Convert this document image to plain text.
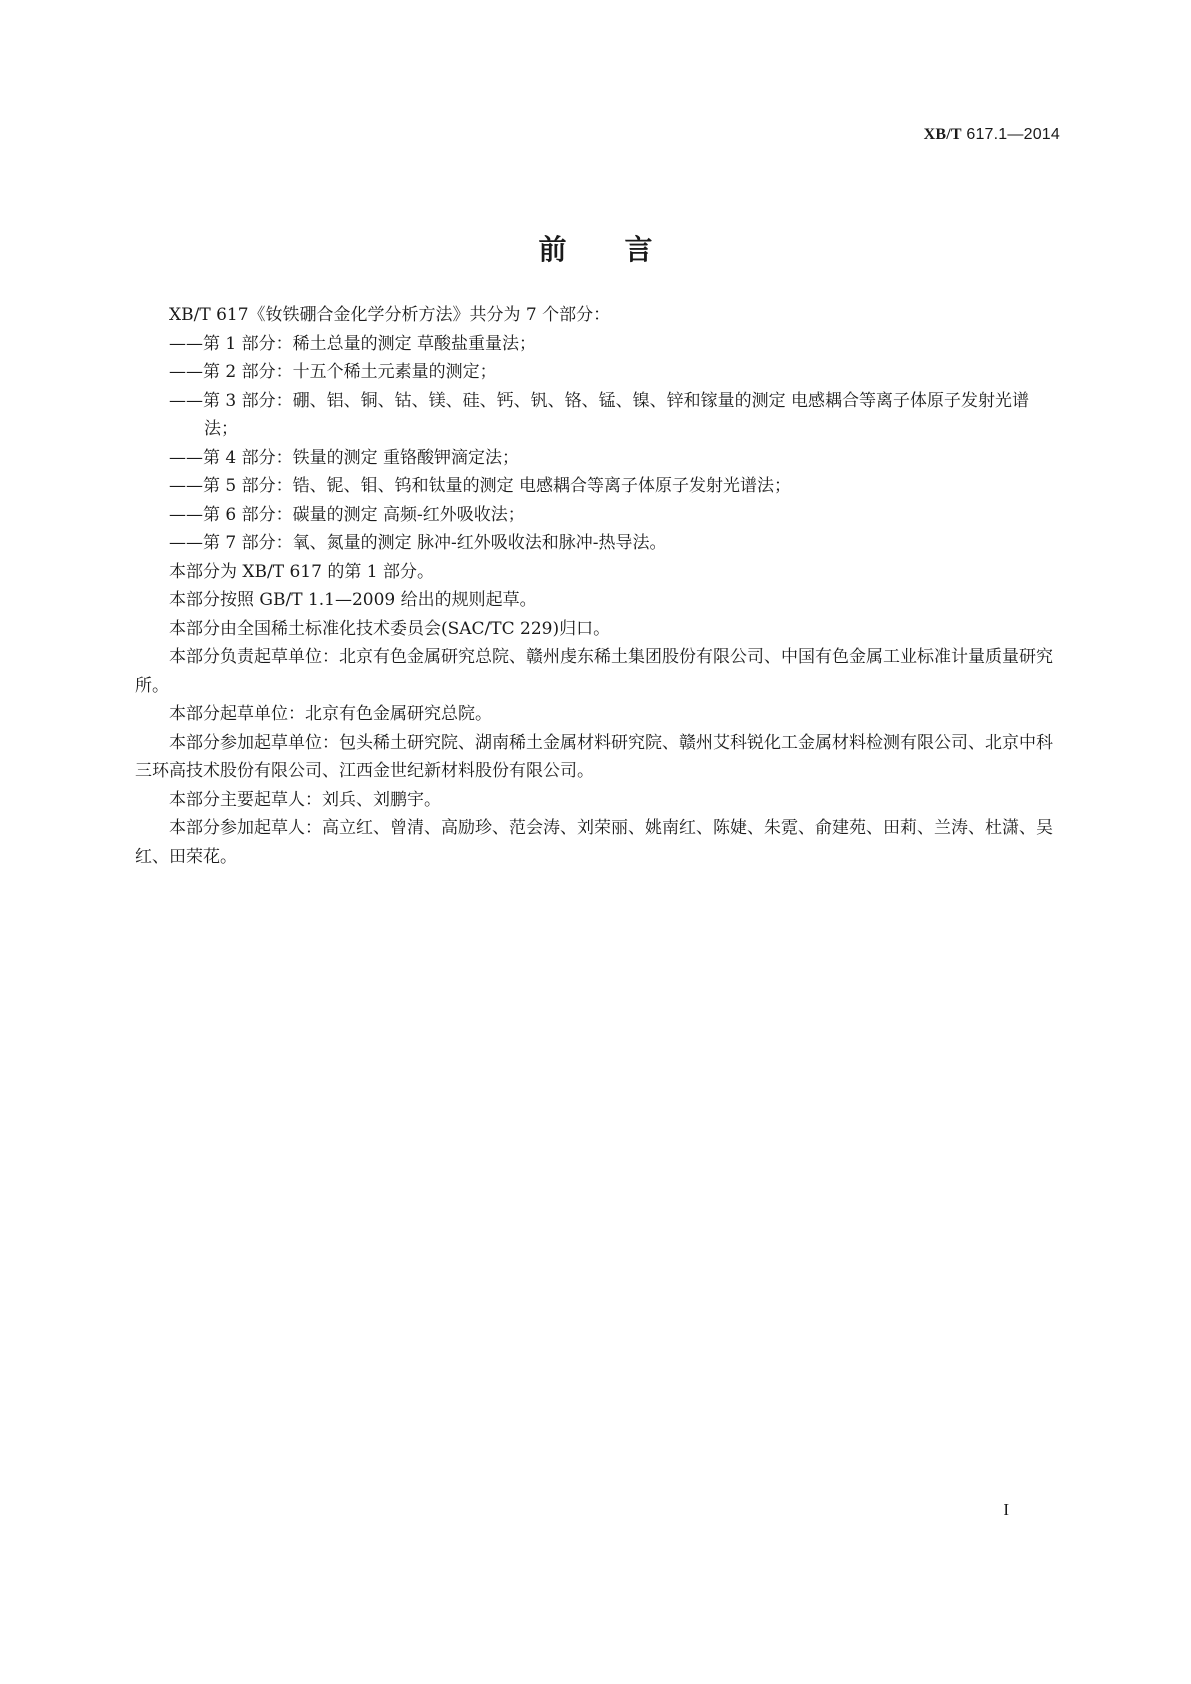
XB/T 617.1—2014
前言

XB/T 617《钕铁硼合金化学分析方法》共分为 7 个部分：

——第 1 部分：稀土总量的测定 草酸盐重量法；

——第 2 部分：十五个稀土元素量的测定；

——第 3 部分：硼、铝、铜、钴、镁、硅、钙、钒、铬、锰、镍、锌和镓量的测定 电感耦合等离子体原子发射光谱法；

——第 4 部分：铁量的测定 重铬酸钾滴定法；

——第 5 部分：锆、铌、钼、钨和钛量的测定 电感耦合等离子体原子发射光谱法；

——第 6 部分：碳量的测定 高频-红外吸收法；

——第 7 部分：氧、氮量的测定 脉冲-红外吸收法和脉冲-热导法。

本部分为 XB/T 617 的第 1 部分。

本部分按照 GB/T 1.1—2009 给出的规则起草。

本部分由全国稀土标准化技术委员会(SAC/TC 229)归口。

本部分负责起草单位：北京有色金属研究总院、赣州虔东稀土集团股份有限公司、中国有色金属工业标准计量质量研究所。

本部分起草单位：北京有色金属研究总院。

本部分参加起草单位：包头稀土研究院、湖南稀土金属材料研究院、赣州艾科锐化工金属材料检测有限公司、北京中科三环高技术股份有限公司、江西金世纪新材料股份有限公司。

本部分主要起草人：刘兵、刘鹏宇。

本部分参加起草人：高立红、曾清、高励珍、范会涛、刘荣丽、姚南红、陈婕、朱霓、俞建苑、田莉、兰涛、杜潇、吴红、田荣花。

I
